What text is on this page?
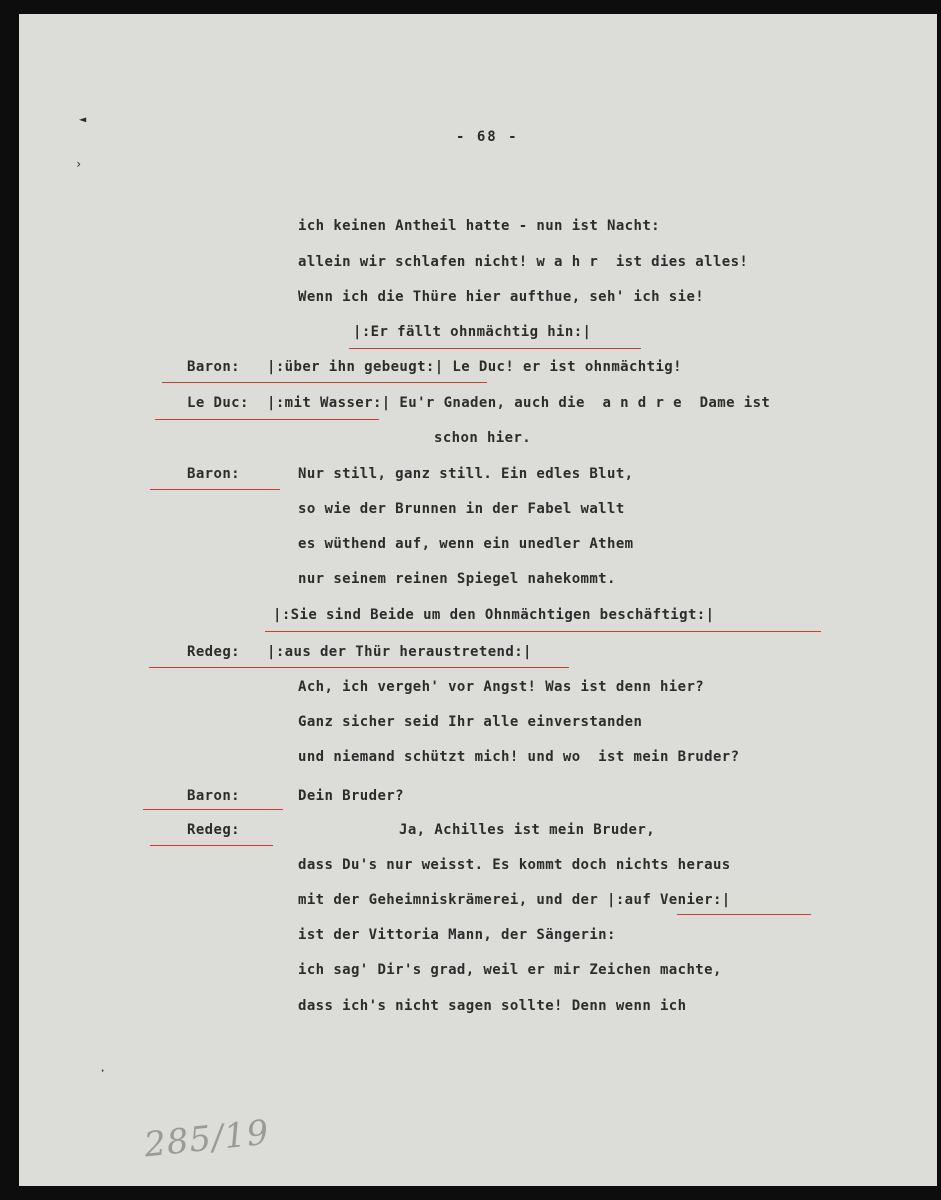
- 68 -
◄
›
ich keinen Antheil hatte - nun ist Nacht:
allein wir schlafen nicht! w a h r  ist dies alles!
Wenn ich die Thüre hier aufthue, seh' ich sie!
|:Er fällt ohnmächtig hin:|
Baron: |:über ihn gebeugt:| Le Duc! er ist ohnmächtig!
Le Duc: |:mit Wasser:| Eu'r Gnaden, auch die  a n d r e  Dame ist
schon hier.
Baron:	Nur still, ganz still. Ein edles Blut,
so wie der Brunnen in der Fabel wallt
es wüthend auf, wenn ein unedler Athem
nur seinem reinen Spiegel nahekommt.
|:Sie sind Beide um den Ohnmächtigen beschäftigt:|
Redeg: |:aus der Thür heraustretend:|
Ach, ich vergeh' vor Angst! Was ist denn hier?
Ganz sicher seid Ihr alle einverstanden
und niemand schützt mich! und wo  ist mein Bruder?
Baron:	Dein Bruder?
Redeg:	Ja, Achilles ist mein Bruder,
dass Du's nur weisst. Es kommt doch nichts heraus
mit der Geheimniskrämerei, und der |:auf Venier:|
ist der Vittoria Mann, der Sängerin:
ich sag' Dir's grad, weil er mir Zeichen machte,
dass ich's nicht sagen sollte! Denn wenn ich
·
285/19
